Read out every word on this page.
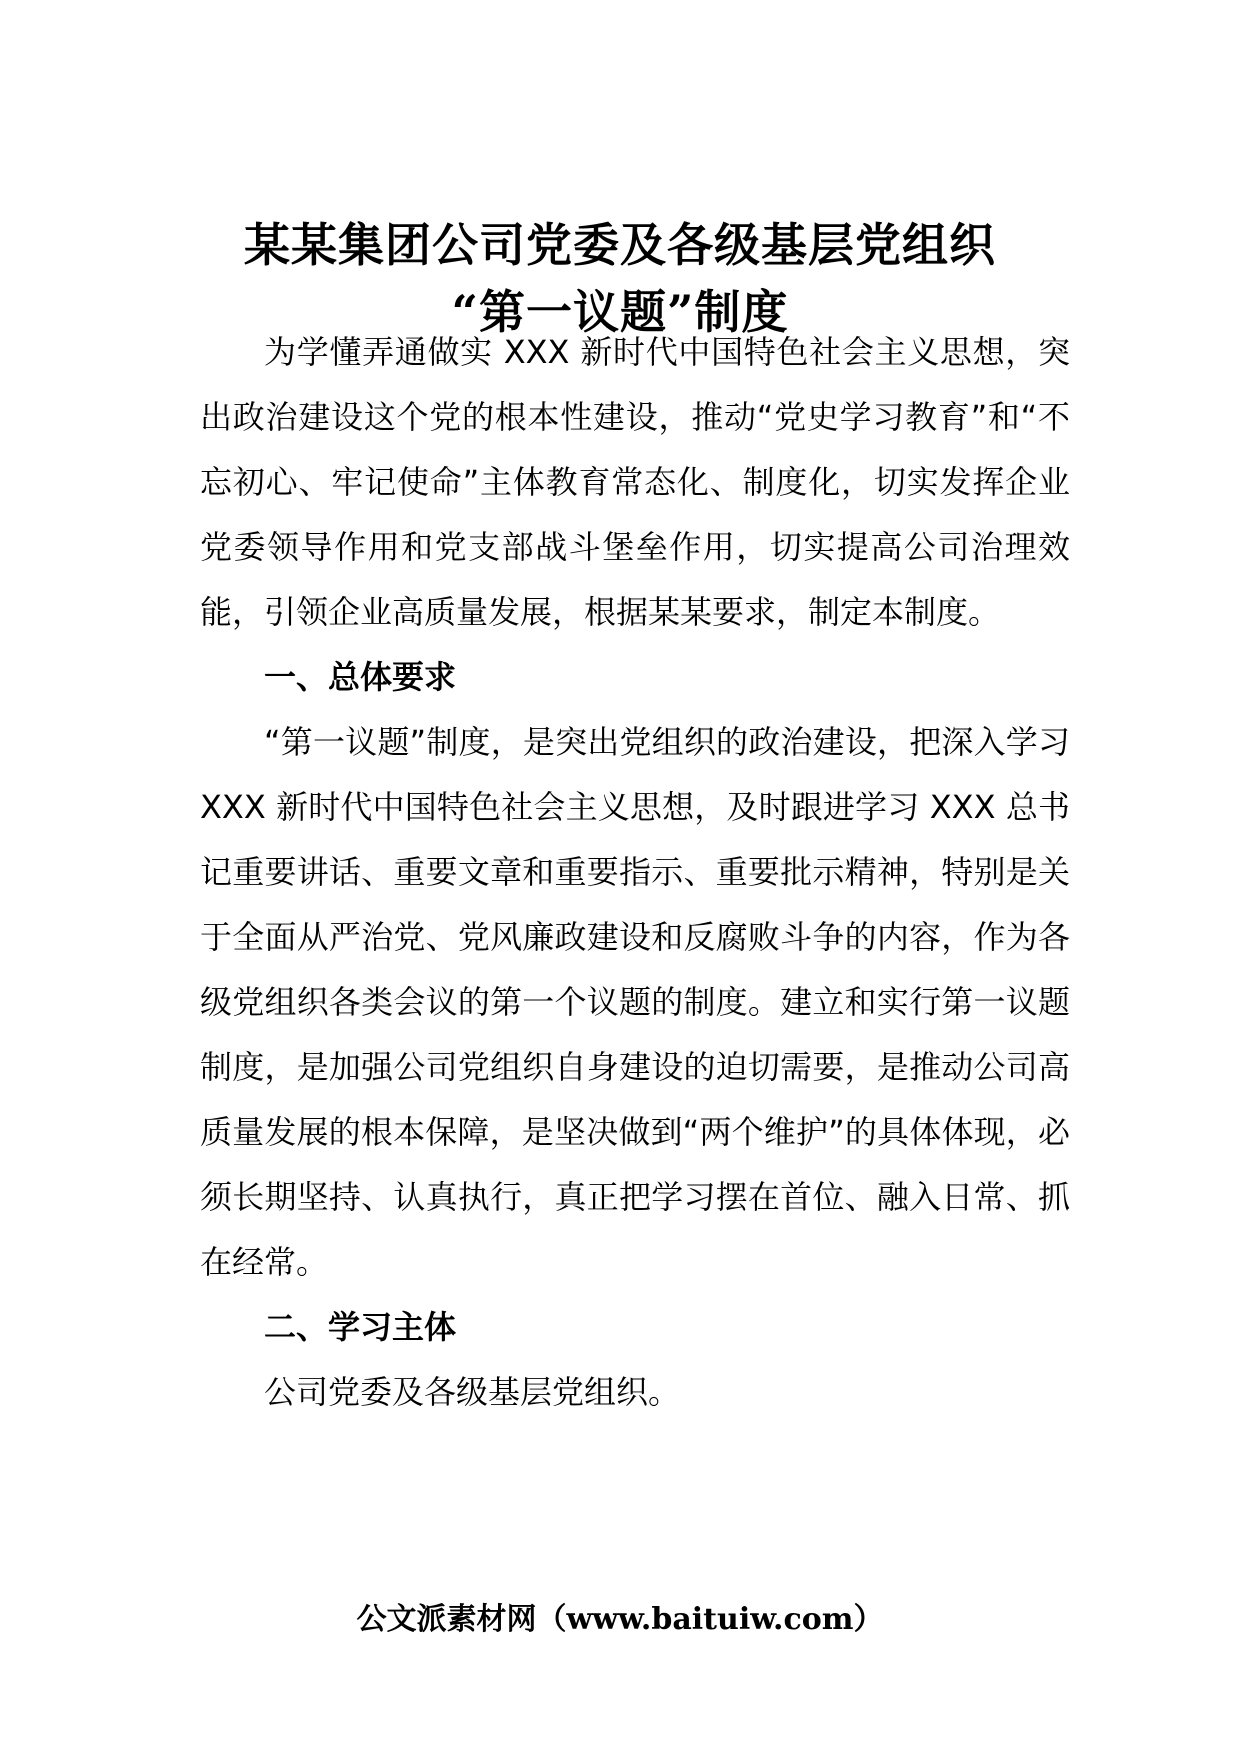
某某集团公司党委及各级基层党组织
“第一议题”制度

为学懂弄通做实 XXX 新时代中国特色社会主义思想，突出政治建设这个党的根本性建设，推动“党史学习教育”和“不忘初心、牢记使命”主体教育常态化、制度化，切实发挥企业党委领导作用和党支部战斗堡垒作用，切实提高公司治理效能，引领企业高质量发展，根据某某要求，制定本制度。

一、总体要求

“第一议题”制度，是突出党组织的政治建设，把深入学习 XXX 新时代中国特色社会主义思想，及时跟进学习 XXX 总书记重要讲话、重要文章和重要指示、重要批示精神，特别是关于全面从严治党、党风廉政建设和反腐败斗争的内容，作为各级党组织各类会议的第一个议题的制度。建立和实行第一议题制度，是加强公司党组织自身建设的迫切需要，是推动公司高质量发展的根本保障，是坚决做到“两个维护”的具体体现，必须长期坚持、认真执行，真正把学习摆在首位、融入日常、抓在经常。

二、学习主体

公司党委及各级基层党组织。

公文派素材网（www.baituiw.com）
